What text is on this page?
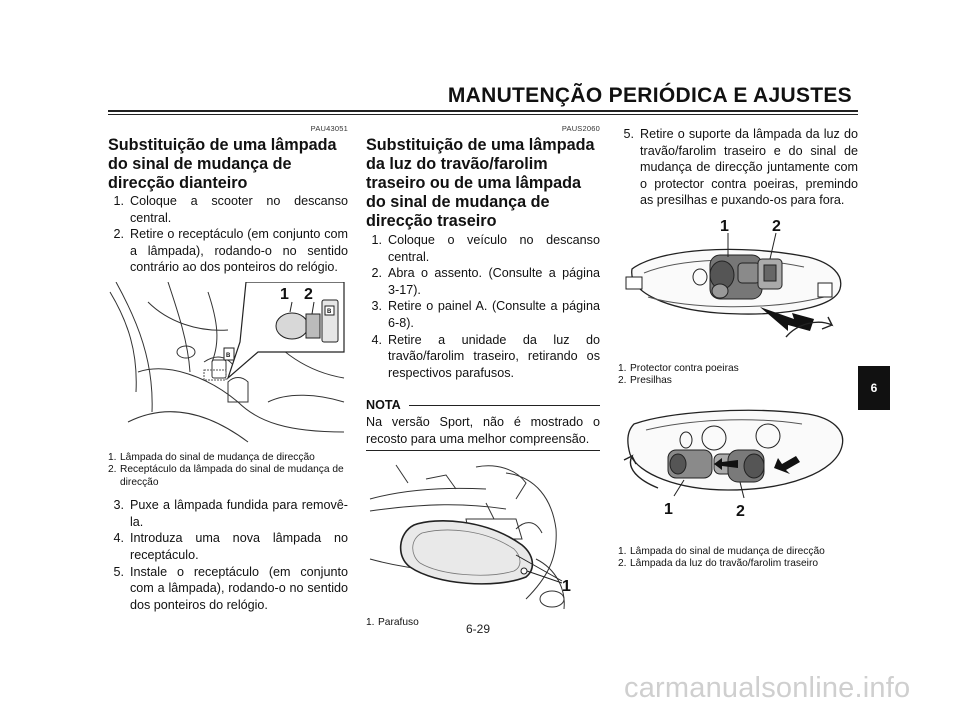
MANUTENÇÃO PERIÓDICA E AJUSTES
6
PAU43051
Substituição de uma lâmpada do sinal de mudança de direcção dianteiro
1. Coloque a scooter no descanso central.
2. Retire o receptáculo (em conjunto com a lâmpada), rodando-o no sentido contrário ao dos ponteiros do relógio.
B
1 2
B
1. Lâmpada do sinal de mudança de direcção
2. Receptáculo da lâmpada do sinal de mudança de direcção
3. Puxe a lâmpada fundida para removê-la.
4. Introduza uma nova lâmpada no receptáculo.
5. Instale o receptáculo (em conjunto com a lâmpada), rodando-o no sentido dos ponteiros do relógio.
PAUS2060
Substituição de uma lâmpada da luz do travão/farolim traseiro ou de uma lâmpada do sinal de mudança de direcção traseiro
1. Coloque o veículo no descanso central.
2. Abra o assento. (Consulte a página 3-17).
3. Retire o painel A. (Consulte a página 6-8).
4. Retire a unidade da luz do travão/farolim traseiro, retirando os respectivos parafusos.
NOTA
Na versão Sport, não é mostrado o recosto para uma melhor compreensão.
1
1. Parafuso
5. Retire o suporte da lâmpada da luz do travão/farolim traseiro e do sinal de mudança de direcção juntamente com o protector contra poeiras, premindo as presilhas e puxando-os para fora.
1	2
1. Protector contra poeiras
2. Presilhas
1	2
1. Lâmpada do sinal de mudança de direcção
2. Lâmpada da luz do travão/farolim traseiro
6-29
carmanualsonline.info
